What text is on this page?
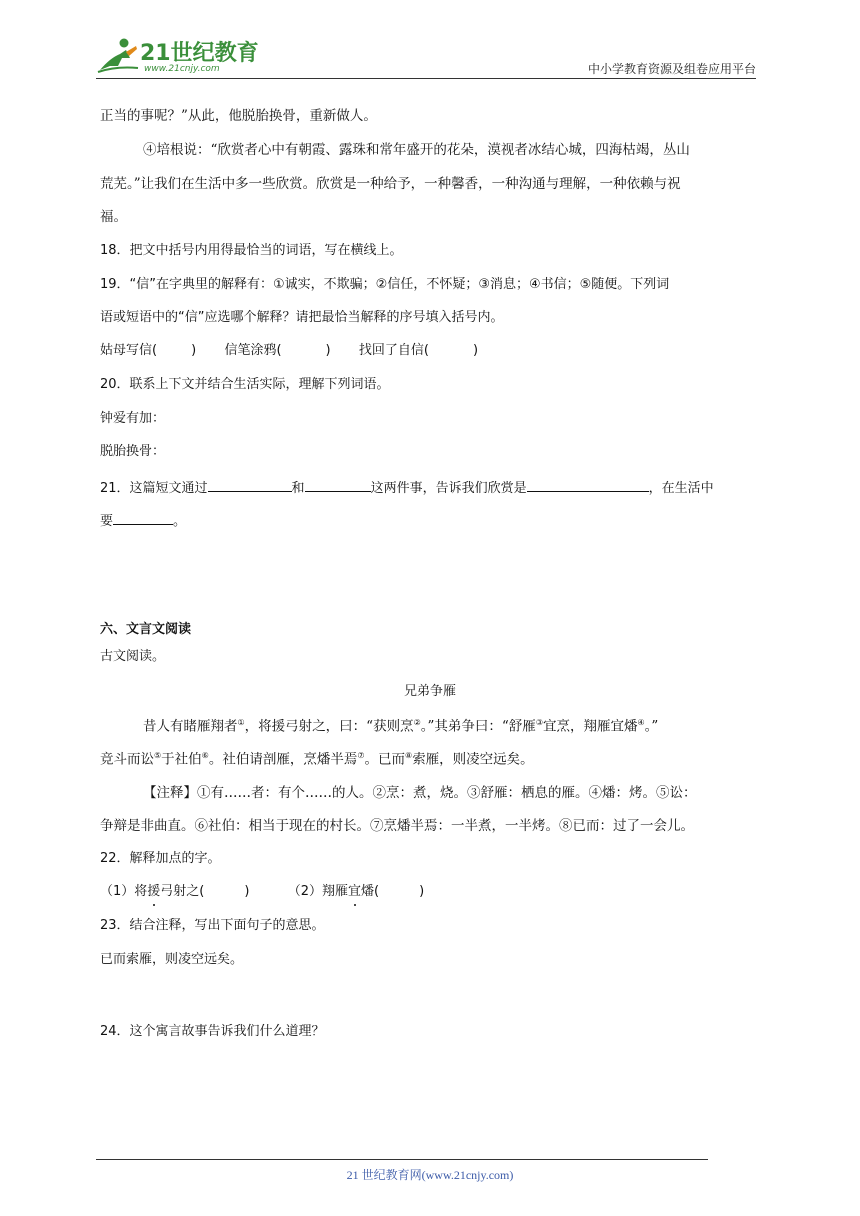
21世纪教育
www.21cnjy.com	中小学教育资源及组卷应用平台
正当的事呢？”从此，他脱胎换骨，重新做人。
④培根说：“欣赏者心中有朝霞、露珠和常年盛开的花朵，漠视者冰结心城，四海枯竭，丛山
荒芜。”让我们在生活中多一些欣赏。欣赏是一种给予，一种馨香，一种沟通与理解，一种依赖与祝
福。
18．把文中括号内用得最恰当的词语，写在横线上。
19．“信”在字典里的解释有：①诚实，不欺骗；②信任，不怀疑；③消息；④书信；⑤随便。下列词
语或短语中的“信”应选哪个解释？请把最恰当解释的序号填入括号内。
姑母写信(	) 信笔涂鸦(	) 找回了自信(	)
20．联系上下文并结合生活实际，理解下列词语。
钟爱有加：
脱胎换骨：
21．这篇短文通过	和	这两件事，告诉我们欣赏是	，在生活中
要	。
六、文言文阅读
古文阅读。
兄弟争雁
昔人有睹雁翔者①，将援弓射之，曰：“获则烹②。”其弟争曰：“舒雁③宜烹，翔雁宜燔④。”
竞斗而讼⑤于社伯⑥。社伯请剖雁，烹燔半焉⑦。已而⑧索雁，则凌空远矣。
【注释】①有……者：有个……的人。②烹：煮，烧。③舒雁：栖息的雁。④燔：烤。⑤讼：
争辩是非曲直。⑥社伯：相当于现在的村长。⑦烹燔半焉：一半煮，一半烤。⑧已而：过了一会儿。
22．解释加点的字。
（1）将援弓射之(	)	（2）翔雁宜燔(	)
23．结合注释，写出下面句子的意思。
已而索雁，则凌空远矣。
24．这个寓言故事告诉我们什么道理？
21 世纪教育网(www.21cnjy.com)
